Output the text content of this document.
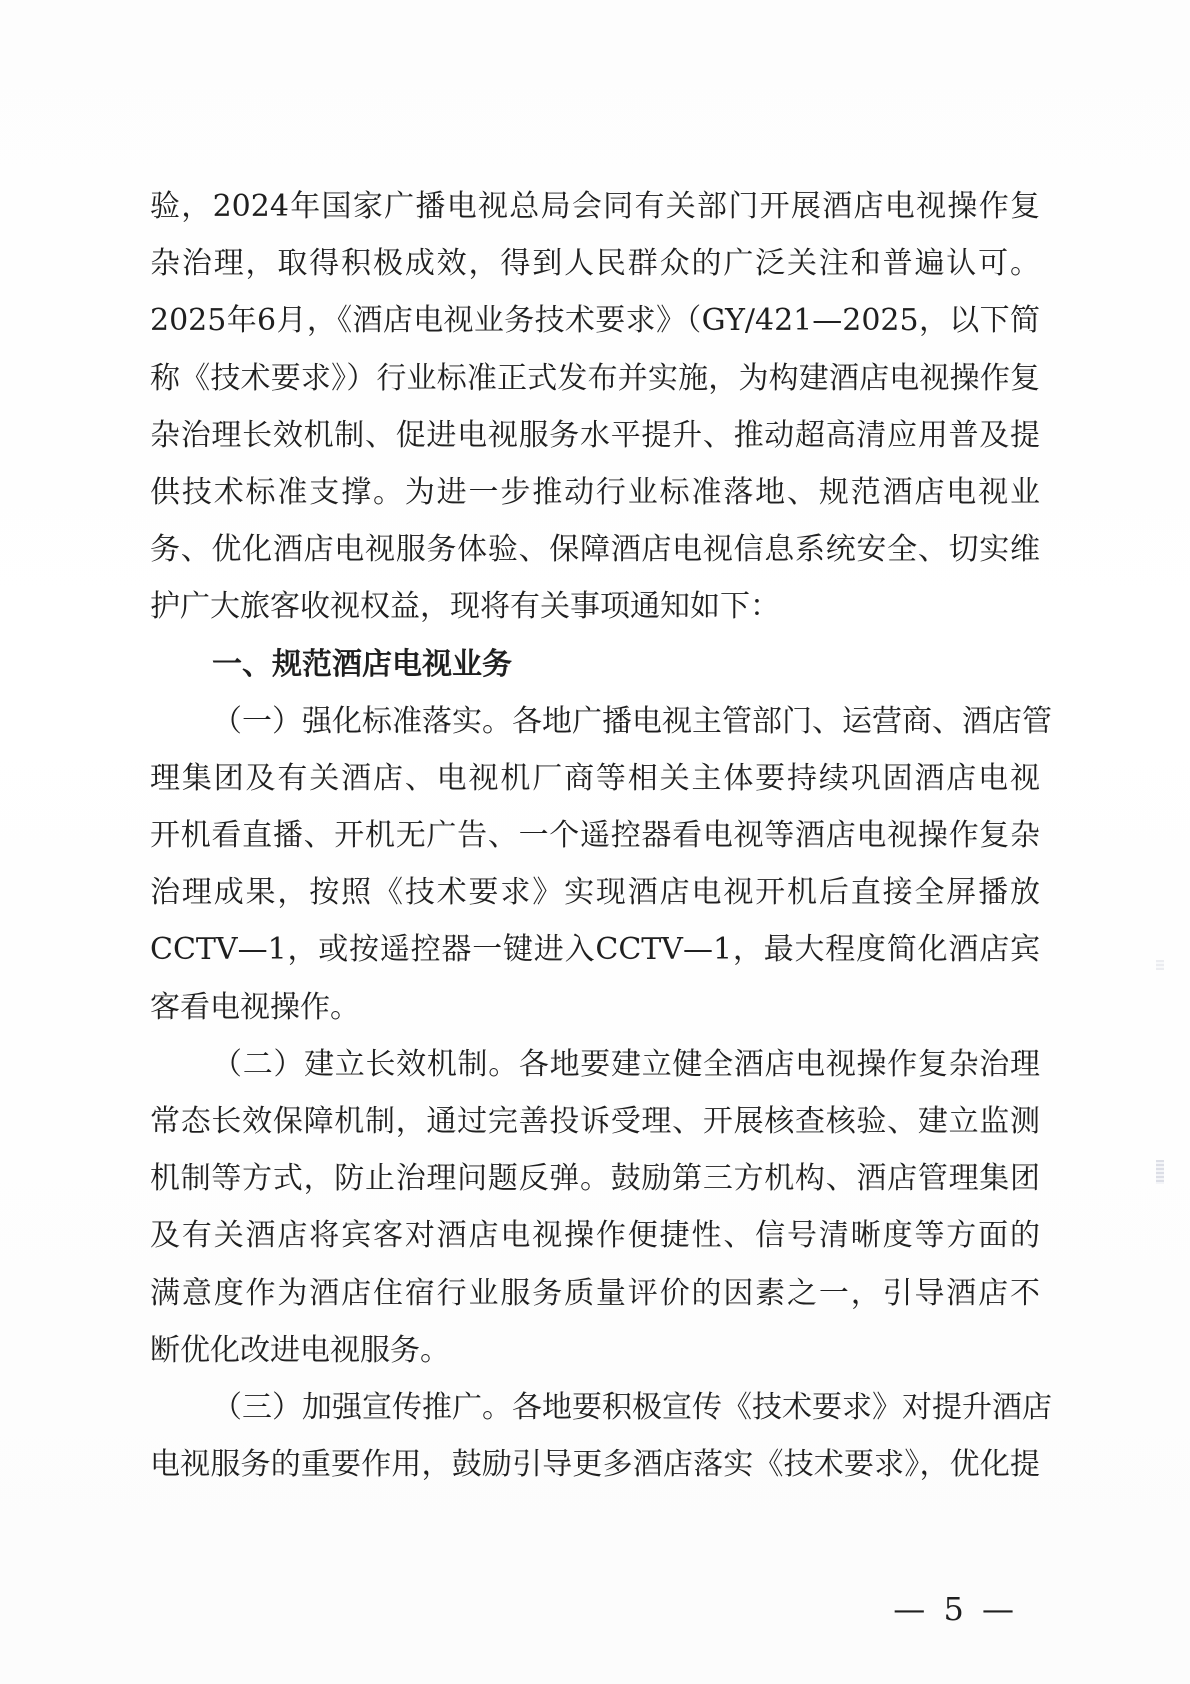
验，2024年国家广播电视总局会同有关部门开展酒店电视操作复
杂治理，取得积极成效，得到人民群众的广泛关注和普遍认可。
2025年6月，《酒店电视业务技术要求》（GY/421—2025，以下简
称《技术要求》）行业标准正式发布并实施，为构建酒店电视操作复
杂治理长效机制、促进电视服务水平提升、推动超高清应用普及提
供技术标准支撑。为进一步推动行业标准落地、规范酒店电视业
务、优化酒店电视服务体验、保障酒店电视信息系统安全、切实维
护广大旅客收视权益，现将有关事项通知如下：
一、规范酒店电视业务
（一）强化标准落实。各地广播电视主管部门、运营商、酒店管
理集团及有关酒店、电视机厂商等相关主体要持续巩固酒店电视
开机看直播、开机无广告、一个遥控器看电视等酒店电视操作复杂
治理成果，按照《技术要求》实现酒店电视开机后直接全屏播放
CCTV—1，或按遥控器一键进入CCTV—1，最大程度简化酒店宾
客看电视操作。
（二）建立长效机制。各地要建立健全酒店电视操作复杂治理
常态长效保障机制，通过完善投诉受理、开展核查核验、建立监测
机制等方式，防止治理问题反弹。鼓励第三方机构、酒店管理集团
及有关酒店将宾客对酒店电视操作便捷性、信号清晰度等方面的
满意度作为酒店住宿行业服务质量评价的因素之一，引导酒店不
断优化改进电视服务。
（三）加强宣传推广。各地要积极宣传《技术要求》对提升酒店
电视服务的重要作用，鼓励引导更多酒店落实《技术要求》，优化提
— 5 —
